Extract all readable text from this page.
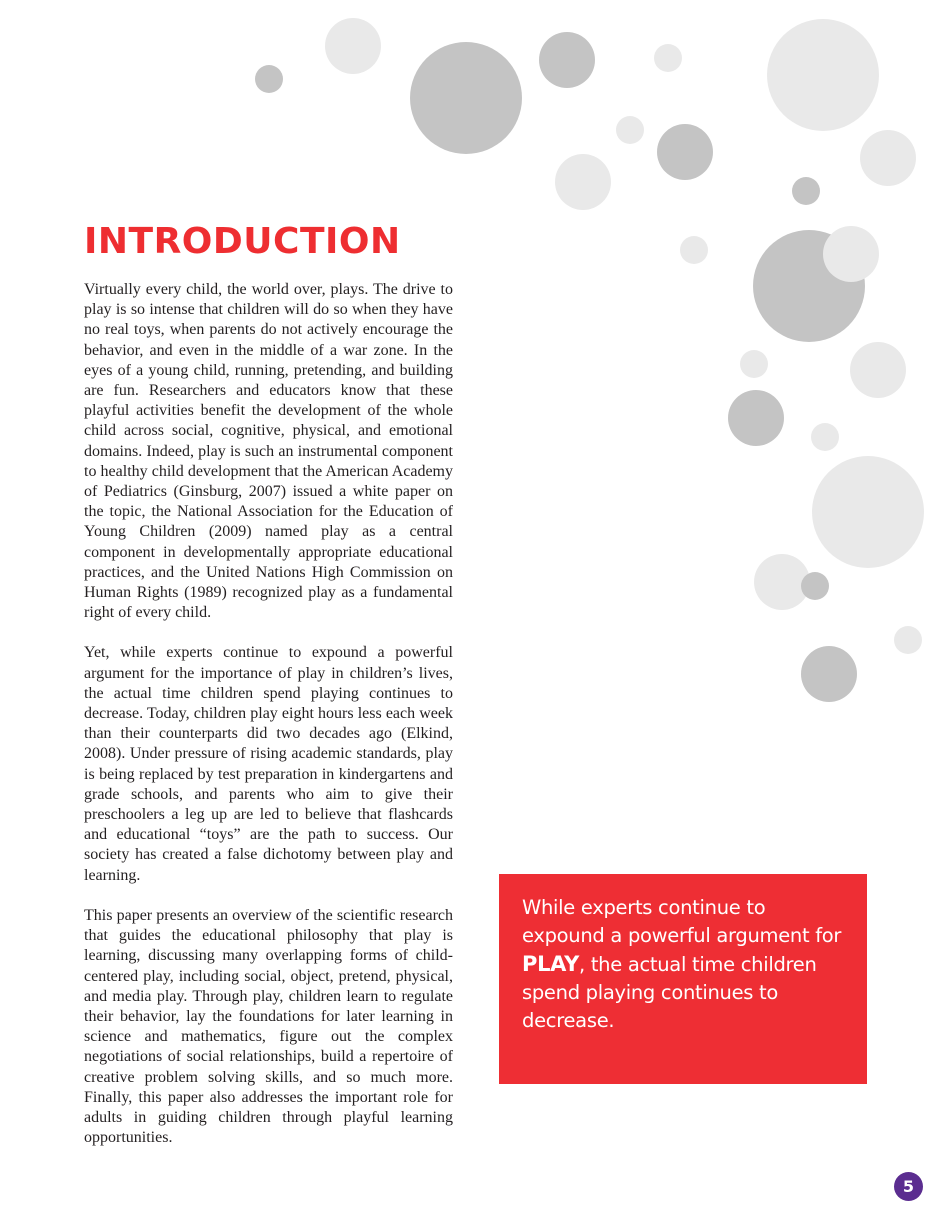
INTRODUCTION

Virtually every child, the world over, plays. The drive to play is so intense that children will do so when they have no real toys, when parents do not actively encourage the behavior, and even in the middle of a war zone. In the eyes of a young child, running, pretending, and building are fun. Researchers and educators know that these playful activities benefit the development of the whole child across social, cognitive, physical, and emotional domains. Indeed, play is such an instrumental component to healthy child development that the American Academy of Pediatrics (Ginsburg, 2007) issued a white paper on the topic, the National Association for the Education of Young Children (2009) named play as a central component in developmentally appropriate educational practices, and the United Nations High Commission on Human Rights (1989) recognized play as a fundamental right of every child.

Yet, while experts continue to expound a powerful argument for the importance of play in children’s lives, the actual time children spend playing continues to decrease. Today, children play eight hours less each week than their counterparts did two decades ago (Elkind, 2008). Under pressure of rising academic standards, play is being replaced by test preparation in kindergartens and grade schools, and parents who aim to give their preschoolers a leg up are led to believe that flashcards and educational “toys” are the path to success. Our society has created a false dichotomy between play and learning.

This paper presents an overview of the scientific research that guides the educational philosophy that play is learning, discussing many overlapping forms of child-centered play, including social, object, pretend, physical, and media play. Through play, children learn to regulate their behavior, lay the foundations for later learning in science and mathematics, figure out the complex negotiations of social relationships, build a repertoire of creative problem solving skills, and so much more. Finally, this paper also addresses the important role for adults in guiding children through playful learning opportunities.

While experts continue to expound a powerful argument for PLAY, the actual time children spend playing continues to decrease.

5
